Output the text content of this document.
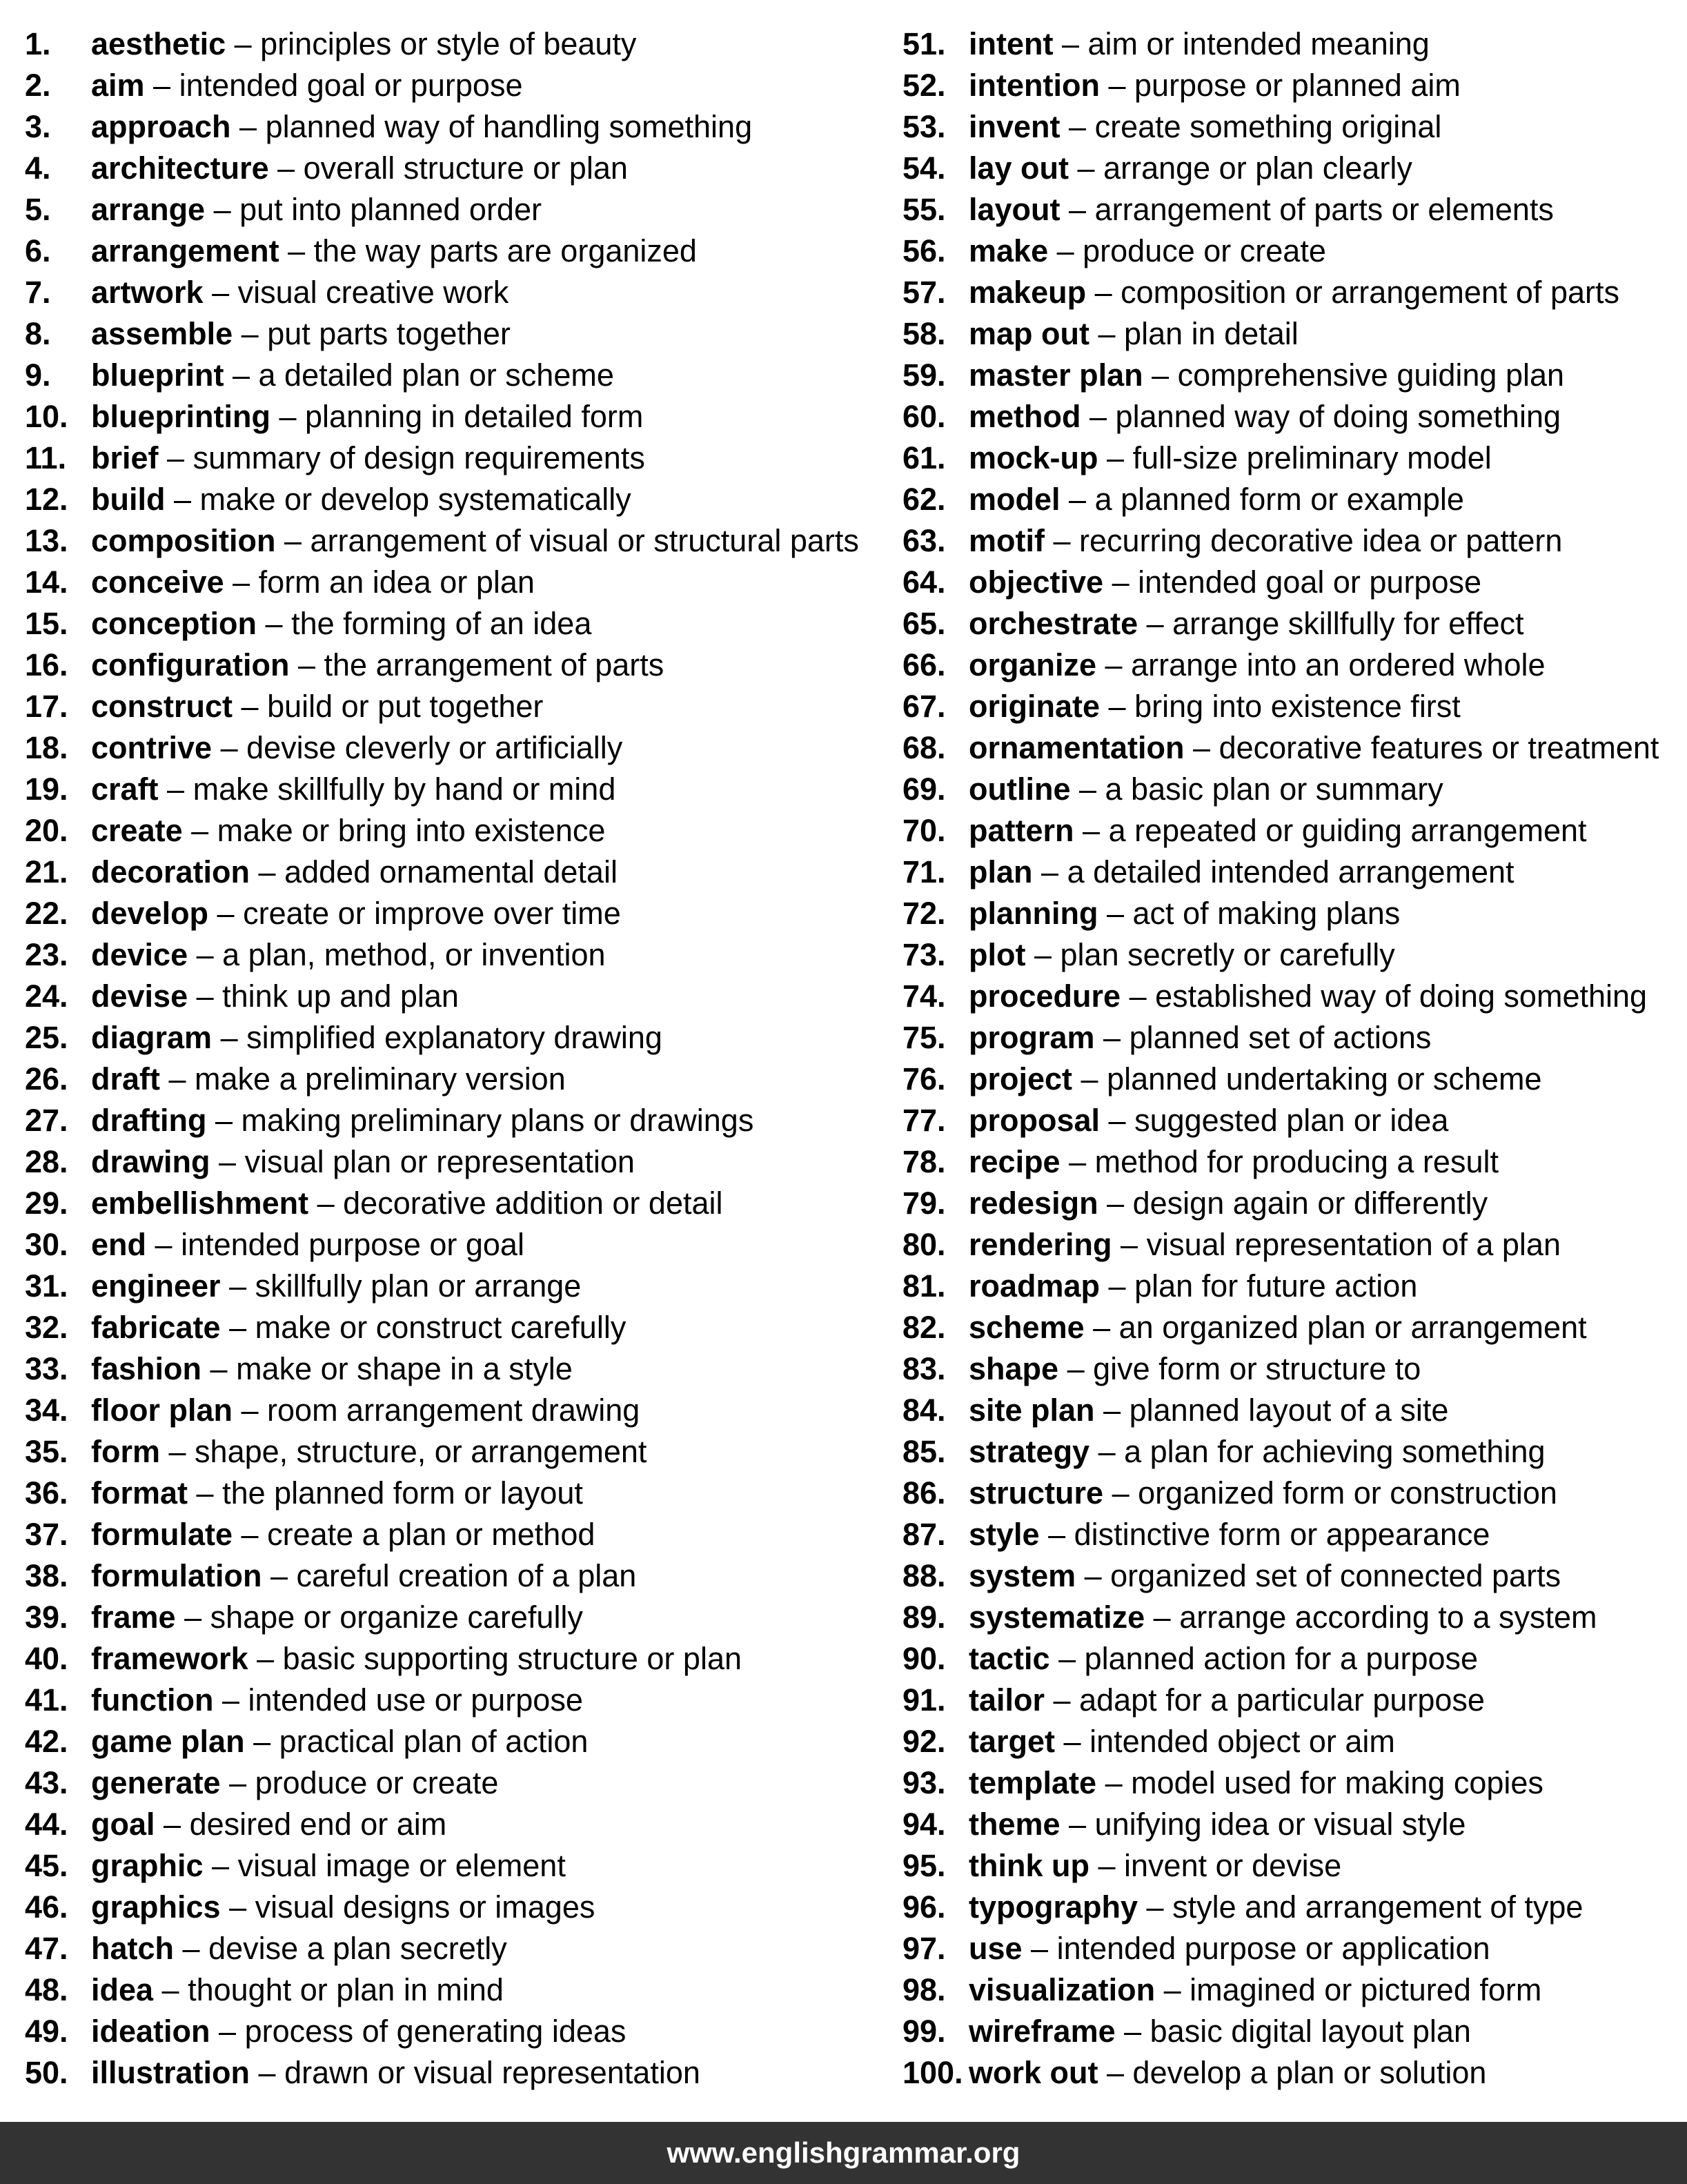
1. aesthetic – principles or style of beauty
2. aim – intended goal or purpose
3. approach – planned way of handling something
4. architecture – overall structure or plan
5. arrange – put into planned order
6. arrangement – the way parts are organized
7. artwork – visual creative work
8. assemble – put parts together
9. blueprint – a detailed plan or scheme
10. blueprinting – planning in detailed form
11. brief – summary of design requirements
12. build – make or develop systematically
13. composition – arrangement of visual or structural parts
14. conceive – form an idea or plan
15. conception – the forming of an idea
16. configuration – the arrangement of parts
17. construct – build or put together
18. contrive – devise cleverly or artificially
19. craft – make skillfully by hand or mind
20. create – make or bring into existence
21. decoration – added ornamental detail
22. develop – create or improve over time
23. device – a plan, method, or invention
24. devise – think up and plan
25. diagram – simplified explanatory drawing
26. draft – make a preliminary version
27. drafting – making preliminary plans or drawings
28. drawing – visual plan or representation
29. embellishment – decorative addition or detail
30. end – intended purpose or goal
31. engineer – skillfully plan or arrange
32. fabricate – make or construct carefully
33. fashion – make or shape in a style
34. floor plan – room arrangement drawing
35. form – shape, structure, or arrangement
36. format – the planned form or layout
37. formulate – create a plan or method
38. formulation – careful creation of a plan
39. frame – shape or organize carefully
40. framework – basic supporting structure or plan
41. function – intended use or purpose
42. game plan – practical plan of action
43. generate – produce or create
44. goal – desired end or aim
45. graphic – visual image or element
46. graphics – visual designs or images
47. hatch – devise a plan secretly
48. idea – thought or plan in mind
49. ideation – process of generating ideas
50. illustration – drawn or visual representation
51. intent – aim or intended meaning
52. intention – purpose or planned aim
53. invent – create something original
54. lay out – arrange or plan clearly
55. layout – arrangement of parts or elements
56. make – produce or create
57. makeup – composition or arrangement of parts
58. map out – plan in detail
59. master plan – comprehensive guiding plan
60. method – planned way of doing something
61. mock-up – full-size preliminary model
62. model – a planned form or example
63. motif – recurring decorative idea or pattern
64. objective – intended goal or purpose
65. orchestrate – arrange skillfully for effect
66. organize – arrange into an ordered whole
67. originate – bring into existence first
68. ornamentation – decorative features or treatment
69. outline – a basic plan or summary
70. pattern – a repeated or guiding arrangement
71. plan – a detailed intended arrangement
72. planning – act of making plans
73. plot – plan secretly or carefully
74. procedure – established way of doing something
75. program – planned set of actions
76. project – planned undertaking or scheme
77. proposal – suggested plan or idea
78. recipe – method for producing a result
79. redesign – design again or differently
80. rendering – visual representation of a plan
81. roadmap – plan for future action
82. scheme – an organized plan or arrangement
83. shape – give form or structure to
84. site plan – planned layout of a site
85. strategy – a plan for achieving something
86. structure – organized form or construction
87. style – distinctive form or appearance
88. system – organized set of connected parts
89. systematize – arrange according to a system
90. tactic – planned action for a purpose
91. tailor – adapt for a particular purpose
92. target – intended object or aim
93. template – model used for making copies
94. theme – unifying idea or visual style
95. think up – invent or devise
96. typography – style and arrangement of type
97. use – intended purpose or application
98. visualization – imagined or pictured form
99. wireframe – basic digital layout plan
100. work out – develop a plan or solution
www.englishgrammar.org
